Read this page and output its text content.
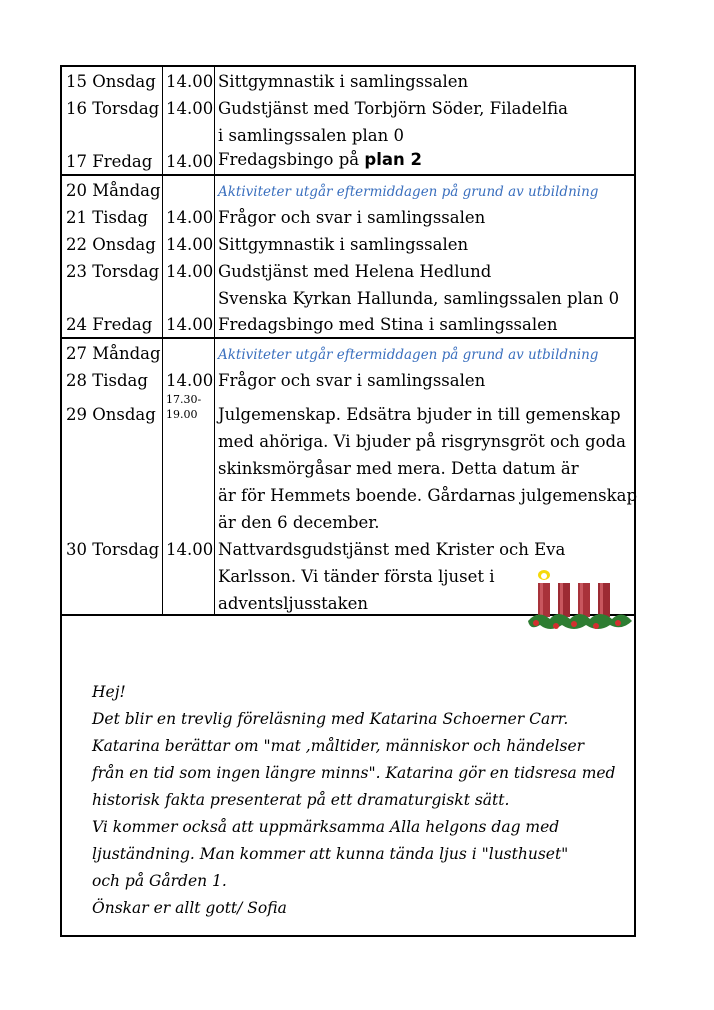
15 Onsdag 14.00 Sittgymnastik i samlingssalen
16 Torsdag 14.00 Gudstjänst med Torbjörn Söder, Filadelfia
i samlingssalen plan 0
17 Fredag 14.00 Fredagsbingo på plan 2
20 Måndag	Aktiviteter utgår eftermiddagen på grund av utbildning
21 Tisdag 14.00 Frågor och svar i samlingssalen
22 Onsdag 14.00 Sittgymnastik i samlingssalen
23 Torsdag 14.00 Gudstjänst med Helena Hedlund
Svenska Kyrkan Hallunda, samlingssalen plan 0
24 Fredag 14.00 Fredagsbingo med Stina i samlingssalen
27 Måndag	Aktiviteter utgår eftermiddagen på grund av utbildning
28 Tisdag 14.00 Frågor och svar i samlingssalen
29 Onsdag
17.30-
19.00 Julgemenskap. Edsätra bjuder in till gemenskap
med ahöriga. Vi bjuder på risgrynsgröt och goda
skinksmörgåsar med mera. Detta datum är
är för Hemmets boende. Gårdarnas julgemenskap
är den 6 december.
30 Torsdag 14.00 Nattvardsgudstjänst med Krister och Eva
Karlsson. Vi tänder första ljuset i
adventsljusstaken
Hej!
Det blir en trevlig föreläsning med Katarina Schoerner Carr.
Katarina berättar om "mat ,måltider, människor och händelser
från en tid som ingen längre minns". Katarina gör en tidsresa med
historisk fakta presenterat på ett dramaturgiskt sätt.
Vi kommer också att uppmärksamma Alla helgons dag med
ljuständning. Man kommer att kunna tända ljus i "lusthuset"
och på Gården 1.
Önskar er allt gott/ Sofia
